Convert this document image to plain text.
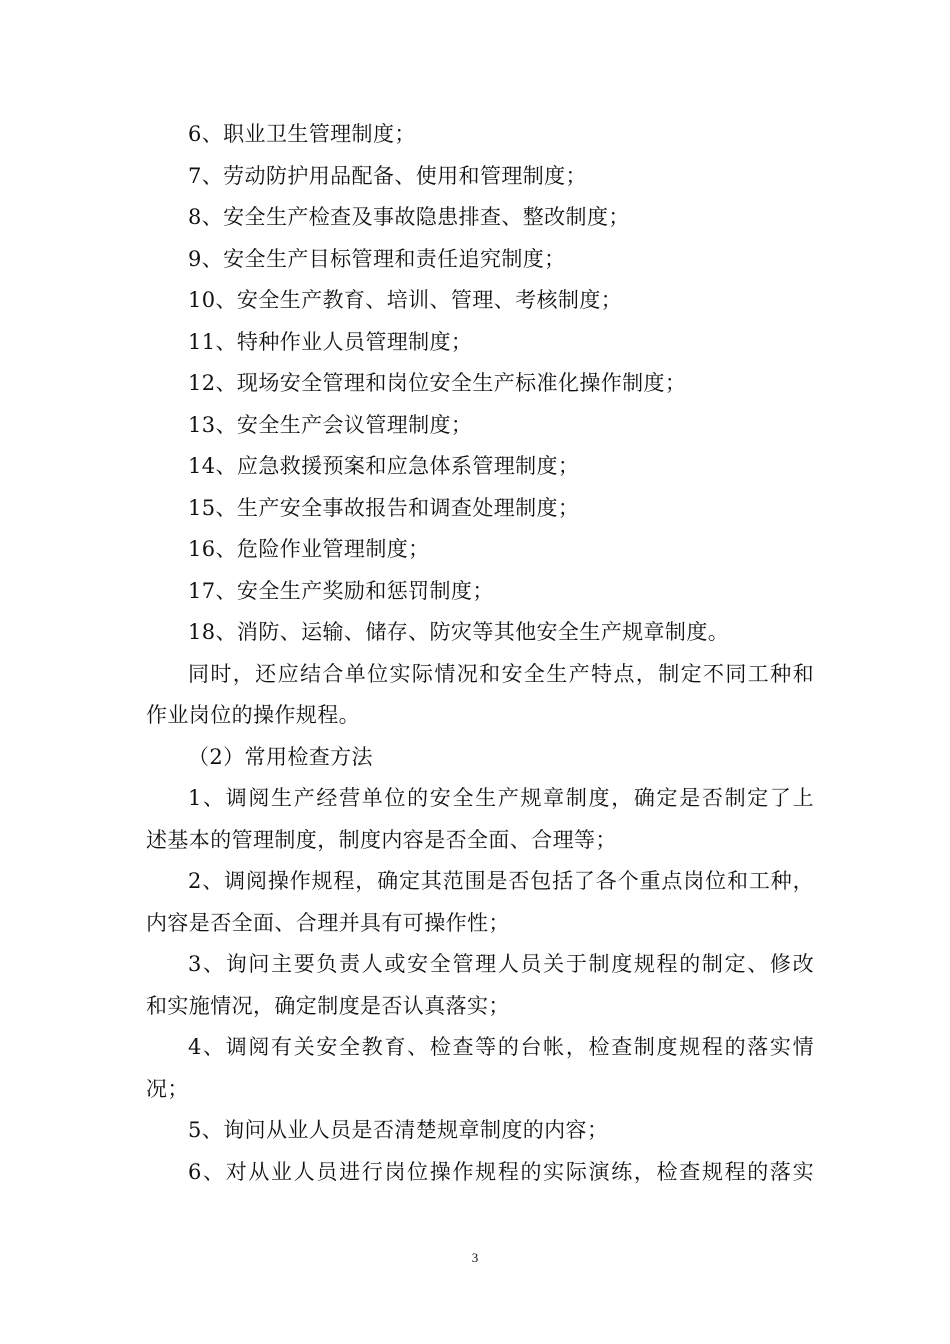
6、职业卫生管理制度；
7、劳动防护用品配备、使用和管理制度；
8、安全生产检查及事故隐患排查、整改制度；
9、安全生产目标管理和责任追究制度；
10、安全生产教育、培训、管理、考核制度；
11、特种作业人员管理制度；
12、现场安全管理和岗位安全生产标准化操作制度；
13、安全生产会议管理制度；
14、应急救援预案和应急体系管理制度；
15、生产安全事故报告和调查处理制度；
16、危险作业管理制度；
17、安全生产奖励和惩罚制度；
18、消防、运输、储存、防灾等其他安全生产规章制度。
同时，还应结合单位实际情况和安全生产特点，制定不同工种和
作业岗位的操作规程。
（2）常用检查方法
1、调阅生产经营单位的安全生产规章制度，确定是否制定了上
述基本的管理制度，制度内容是否全面、合理等；
2、调阅操作规程，确定其范围是否包括了各个重点岗位和工种，
内容是否全面、合理并具有可操作性；
3、询问主要负责人或安全管理人员关于制度规程的制定、修改
和实施情况，确定制度是否认真落实；
4、调阅有关安全教育、检查等的台帐，检查制度规程的落实情
况；
5、询问从业人员是否清楚规章制度的内容；
6、对从业人员进行岗位操作规程的实际演练，检查规程的落实
3
